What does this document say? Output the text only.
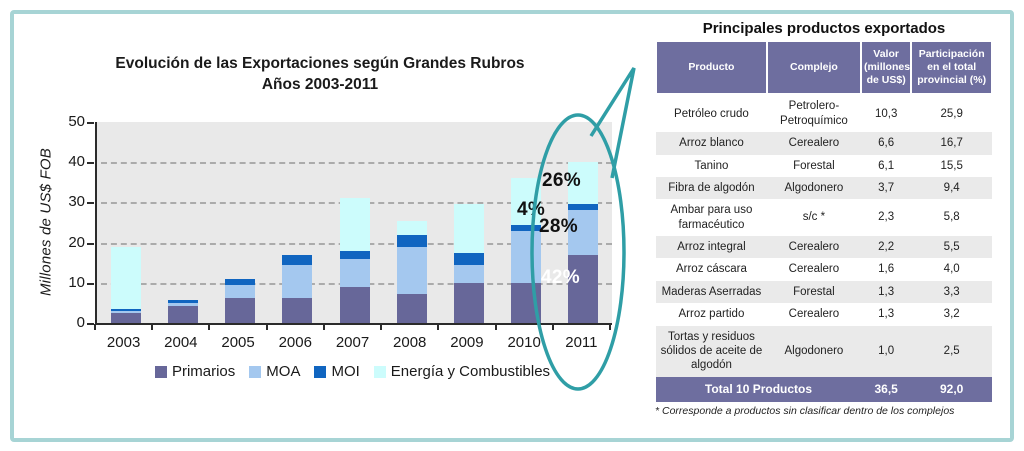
Evolución de las Exportaciones según Grandes Rubros
Años 2003-2011
Millones de US$ FOB
0
10
20
30
40
50
2003	2004	2005	2006	2007	2008	2009	2010	2011
Primarios MOA MOI Energía y Combustibles
26%
4%
28%
42%
Principales productos exportados
Producto	Complejo	Valor (millones de US$)	Participación en el total provincial (%)
Petróleo crudo	Petrolero-Petroquímico	10,3	25,9
Arroz blanco	Cerealero	6,6	16,7
Tanino	Forestal	6,1	15,5
Fibra de algodón	Algodonero	3,7	9,4
Ambar para uso farmacéutico	s/c *	2,3	5,8
Arroz integral	Cerealero	2,2	5,5
Arroz cáscara	Cerealero	1,6	4,0
Maderas Aserradas	Forestal	1,3	3,3
Arroz partido	Cerealero	1,3	3,2
Tortas y residuos sólidos de aceite de algodón	Algodonero	1,0	2,5
Total 10 Productos		36,5	92,0
* Corresponde a productos sin clasificar dentro de los complejos
